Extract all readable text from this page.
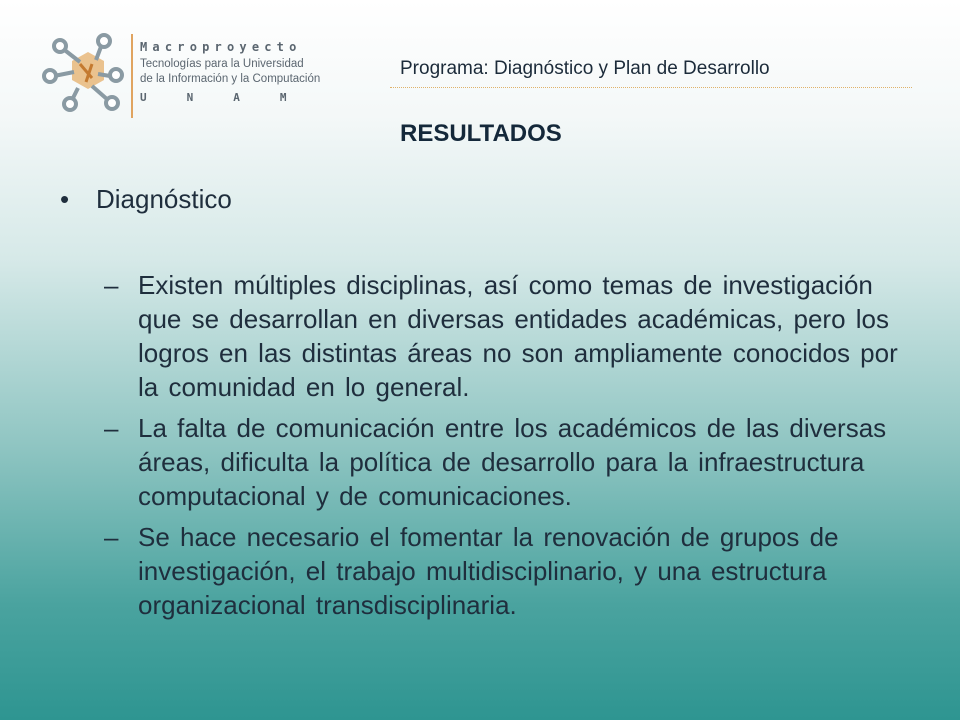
Macroproyecto
Tecnologías para la Universidad
de la Información y la Computación
UNAM
Programa: Diagnóstico y Plan de Desarrollo
RESULTADOS
• Diagnóstico
– Existen múltiples disciplinas, así como temas de investigación que se desarrollan en diversas entidades académicas, pero los logros en las distintas áreas no son ampliamente conocidos por la comunidad en lo general.
– La falta de comunicación entre los académicos de las diversas áreas, dificulta la política de desarrollo para la infraestructura computacional y de comunicaciones.
– Se hace necesario el fomentar la renovación de grupos de investigación, el trabajo multidisciplinario, y una estructura organizacional transdisciplinaria.
